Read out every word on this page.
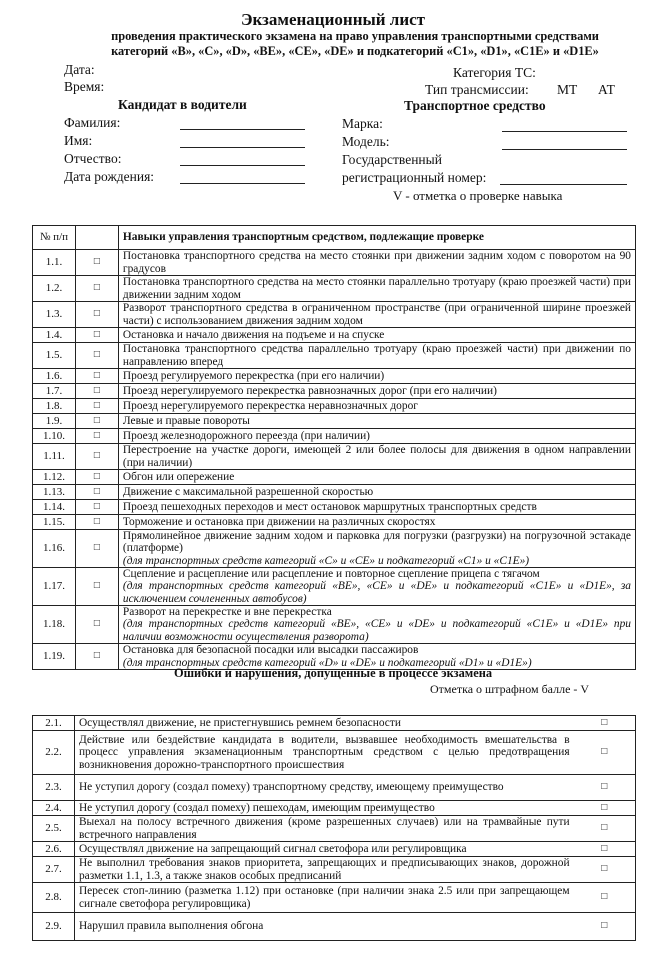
Экзаменационный лист
проведения практического экзамена на право управления транспортными средствами
категорий «В», «С», «D», «ВЕ», «СЕ», «DЕ» и подкатегорий «С1», «D1», «С1Е» и «D1Е»
Дата:
Время:
Кандидат в водители
Фамилия:
Имя:
Отчество:
Дата рождения:
Категория ТС:
Тип трансмиссии: МТ АТ
Транспортное средство
Марка:
Модель:
Государственный
регистрационный номер:
V - отметка о проверке навыка
№ п/п		Навыки управления транспортным средством, подлежащие проверке
1.1.	□	Постановка транспортного средства на место стоянки при движении задним ходом с поворотом на 90 градусов
1.2.	□	Постановка транспортного средства на место стоянки параллельно тротуару (краю проезжей части) при движении задним ходом
1.3.	□	Разворот транспортного средства в ограниченном пространстве (при ограниченной ширине проезжей части) с использованием движения задним ходом
1.4.	□	Остановка и начало движения на подъеме и на спуске
1.5.	□	Постановка транспортного средства параллельно тротуару (краю проезжей части) при движении по направлению вперед
1.6.	□	Проезд регулируемого перекрестка (при его наличии)
1.7.	□	Проезд нерегулируемого перекрестка равнозначных дорог (при его наличии)
1.8.	□	Проезд нерегулируемого перекрестка неравнозначных дорог
1.9.	□	Левые и правые повороты
1.10.	□	Проезд железнодорожного переезда (при наличии)
1.11.	□	Перестроение на участке дороги, имеющей 2 или более полосы для движения в одном направлении (при наличии)
1.12.	□	Обгон или опережение
1.13.	□	Движение с максимальной разрешенной скоростью
1.14.	□	Проезд пешеходных переходов и мест остановок маршрутных транспортных средств
1.15.	□	Торможение и остановка при движении на различных скоростях
1.16.	□	Прямолинейное движение задним ходом и парковка для погрузки (разгрузки) на погрузочной эстакаде (платформе)
(для транспортных средств категорий «С» и «СЕ» и подкатегорий «С1» и «С1Е»)

1.17.	□	Сцепление и расцепление или расцепление и повторное сцепление прицепа с тягачом
(для транспортных средств категорий «ВЕ», «СЕ» и «DЕ» и подкатегорий «С1Е» и «D1Е», за исключением сочлененных автобусов)

1.18.	□	Разворот на перекрестке и вне перекрестка
(для транспортных средств категорий «ВЕ», «СЕ» и «DЕ» и подкатегорий «С1Е» и «D1Е» при наличии возможности осуществления разворота)

1.19.	□	Остановка для безопасной посадки или высадки пассажиров
(для транспортных средств категорий «D» и «DЕ» и подкатегорий «D1» и «D1Е»)
Ошибки и нарушения, допущенные в процессе экзамена
Отметка о штрафном балле - V
2.1.	Осуществлял движение, не пристегнувшись ремнем безопасности	□
2.2.	Действие или бездействие кандидата в водители, вызвавшее необходимость вмешательства в процесс управления экзаменационным транспортным средством с целью предотвращения возникновения дорожно-транспортного происшествия	□
2.3.	Не уступил дорогу (создал помеху) транспортному средству, имеющему преимущество	□
2.4.	Не уступил дорогу (создал помеху) пешеходам, имеющим преимущество	□
2.5.	Выехал на полосу встречного движения (кроме разрешенных случаев) или на трамвайные пути встречного направления	□
2.6.	Осуществлял движение на запрещающий сигнал светофора или регулировщика	□
2.7.	Не выполнил требования знаков приоритета, запрещающих и предписывающих знаков, дорожной разметки 1.1, 1.3, а также знаков особых предписаний	□
2.8.	Пересек стоп-линию (разметка 1.12) при остановке (при наличии знака 2.5 или при запрещающем сигнале светофора регулировщика)	□
2.9.	Нарушил правила выполнения обгона	□
